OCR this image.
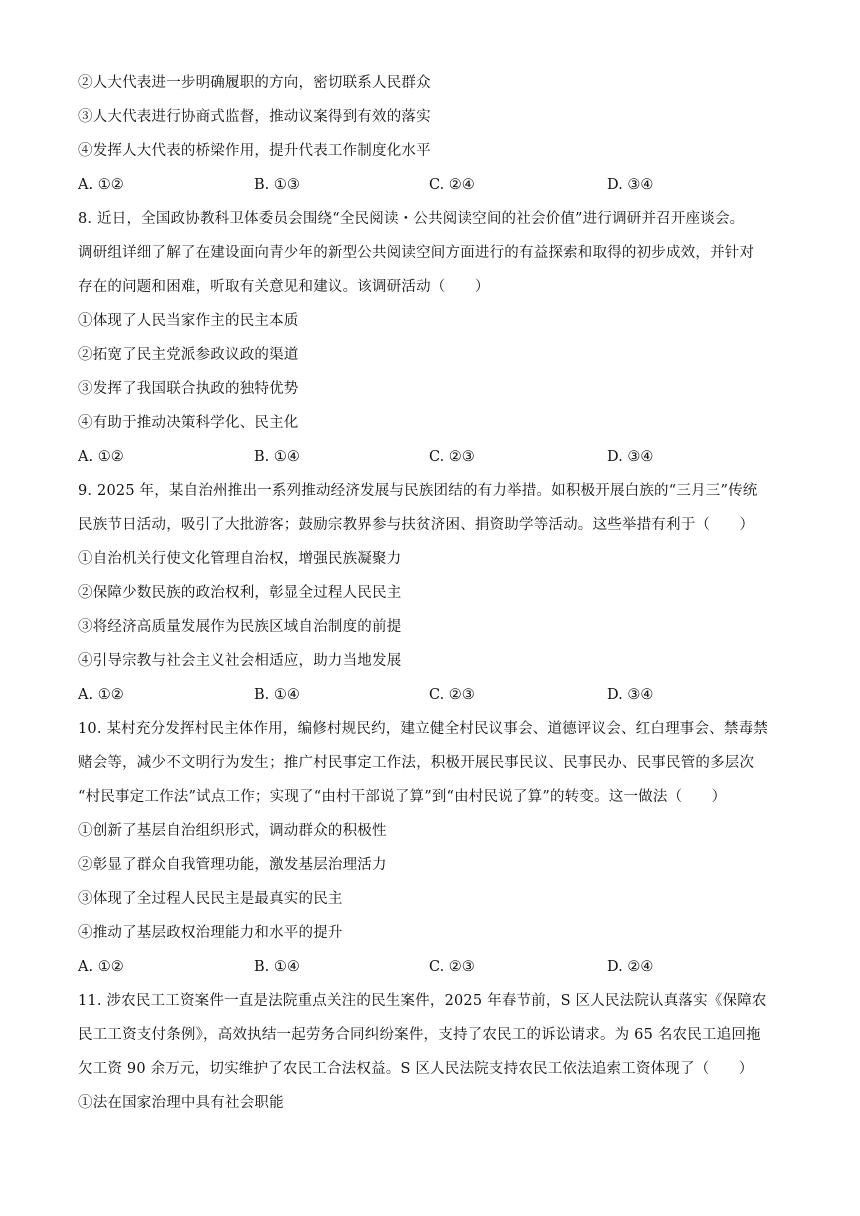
②人大代表进一步明确履职的方向，密切联系人民群众
③人大代表进行协商式监督，推动议案得到有效的落实
④发挥人大代表的桥梁作用，提升代表工作制度化水平
A. ①②	B. ①③	C. ②④	D. ③④
8. 近日，全国政协教科卫体委员会围绕“全民阅读・公共阅读空间的社会价值”进行调研并召开座谈会。
调研组详细了解了在建设面向青少年的新型公共阅读空间方面进行的有益探索和取得的初步成效，并针对
存在的问题和困难，听取有关意见和建议。该调研活动（　　）
①体现了人民当家作主的民主本质
②拓宽了民主党派参政议政的渠道
③发挥了我国联合执政的独特优势
④有助于推动决策科学化、民主化
A. ①②	B. ①④	C. ②③	D. ③④
9. 2025 年，某自治州推出一系列推动经济发展与民族团结的有力举措。如积极开展白族的“三月三”传统
民族节日活动，吸引了大批游客；鼓励宗教界参与扶贫济困、捐资助学等活动。这些举措有利于（　　）
①自治机关行使文化管理自治权，增强民族凝聚力
②保障少数民族的政治权利，彰显全过程人民民主
③将经济高质量发展作为民族区域自治制度的前提
④引导宗教与社会主义社会相适应，助力当地发展
A. ①②	B. ①④	C. ②③	D. ③④
10. 某村充分发挥村民主体作用，编修村规民约，建立健全村民议事会、道德评议会、红白理事会、禁毒禁
赌会等，减少不文明行为发生；推广村民事定工作法，积极开展民事民议、民事民办、民事民管的多层次
“村民事定工作法”试点工作；实现了“由村干部说了算”到“由村民说了算”的转变。这一做法（　　）
①创新了基层自治组织形式，调动群众的积极性
②彰显了群众自我管理功能，激发基层治理活力
③体现了全过程人民民主是最真实的民主
④推动了基层政权治理能力和水平的提升
A. ①②	B. ①④	C. ②③	D. ②④
11. 涉农民工工资案件一直是法院重点关注的民生案件，2025 年春节前，S 区人民法院认真落实《保障农
民工工资支付条例》，高效执结一起劳务合同纠纷案件，支持了农民工的诉讼请求。为 65 名农民工追回拖
欠工资 90 余万元，切实维护了农民工合法权益。S 区人民法院支持农民工依法追索工资体现了（　　）
①法在国家治理中具有社会职能
